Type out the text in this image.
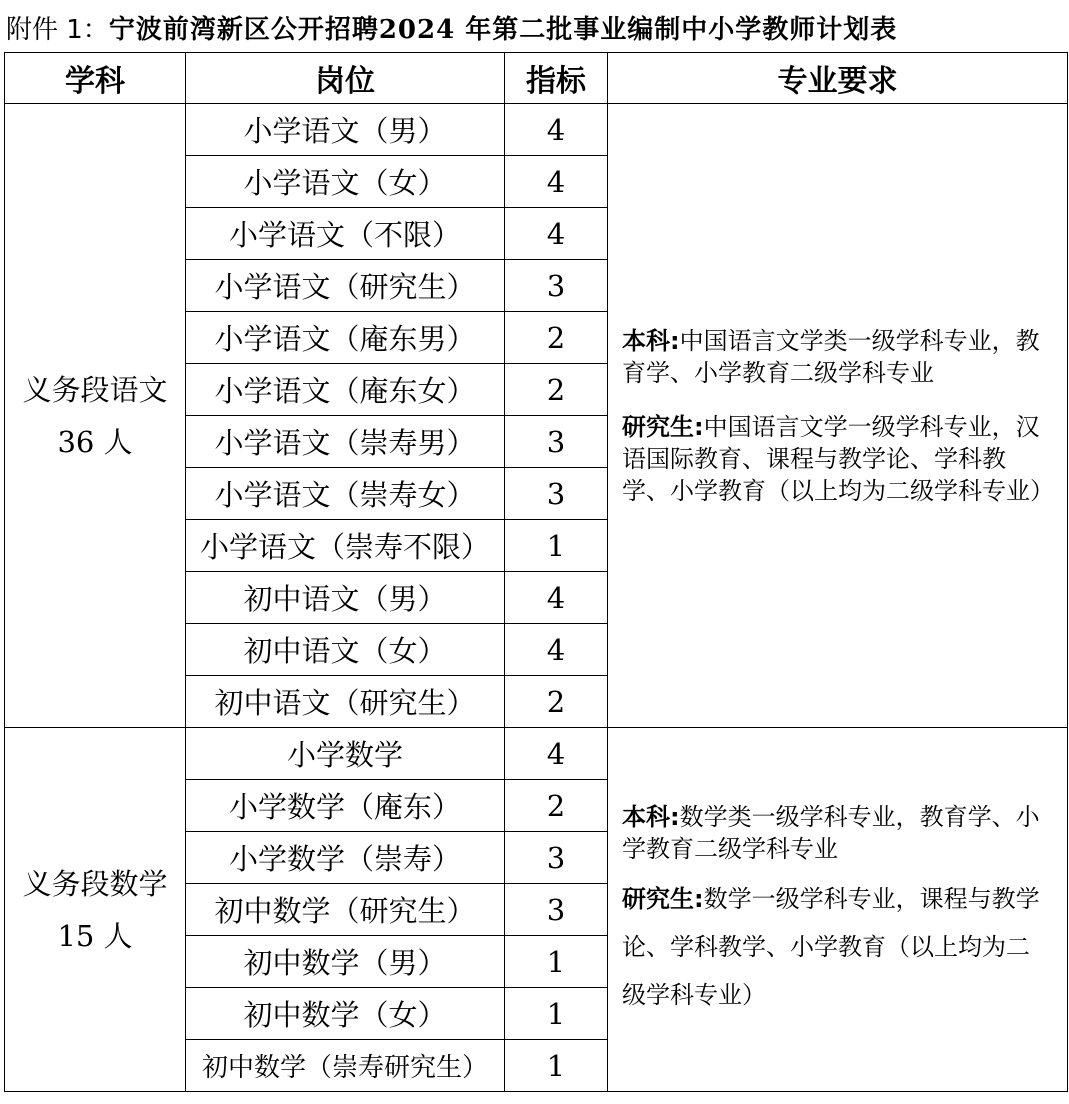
附件 1：宁波前湾新区公开招聘2024 年第二批事业编制中小学教师计划表
学科	岗位	指标	专业要求
义务段语文 36 人	小学语文（男）	4	本科:中国语言文学类一级学科专业，教育学、小学教育二级学科专业
研究生:中国语言文学一级学科专业，汉语国际教育、课程与教学论、学科教学、小学教育（以上均为二级学科专业）

	小学语文（女）	4	
	小学语文（不限）	4	
	小学语文（研究生）	3	
	小学语文（庵东男）	2	
	小学语文（庵东女）	2	
	小学语文（崇寿男）	3	
	小学语文（崇寿女）	3	
	小学语文（崇寿不限）	1	
	初中语文（男）	4	
	初中语文（女）	4	
	初中语文（研究生）	2	
义务段数学 15 人	小学数学	4	本科:数学类一级学科专业，教育学、小学教育二级学科专业
研究生:数学一级学科专业，课程与教学论、学科教学、小学教育（以上均为二级学科专业）

	小学数学（庵东）	2	
	小学数学（崇寿）	3	
	初中数学（研究生）	3	
	初中数学（男）	1	
	初中数学（女）	1	
	初中数学（崇寿研究生）	1	
